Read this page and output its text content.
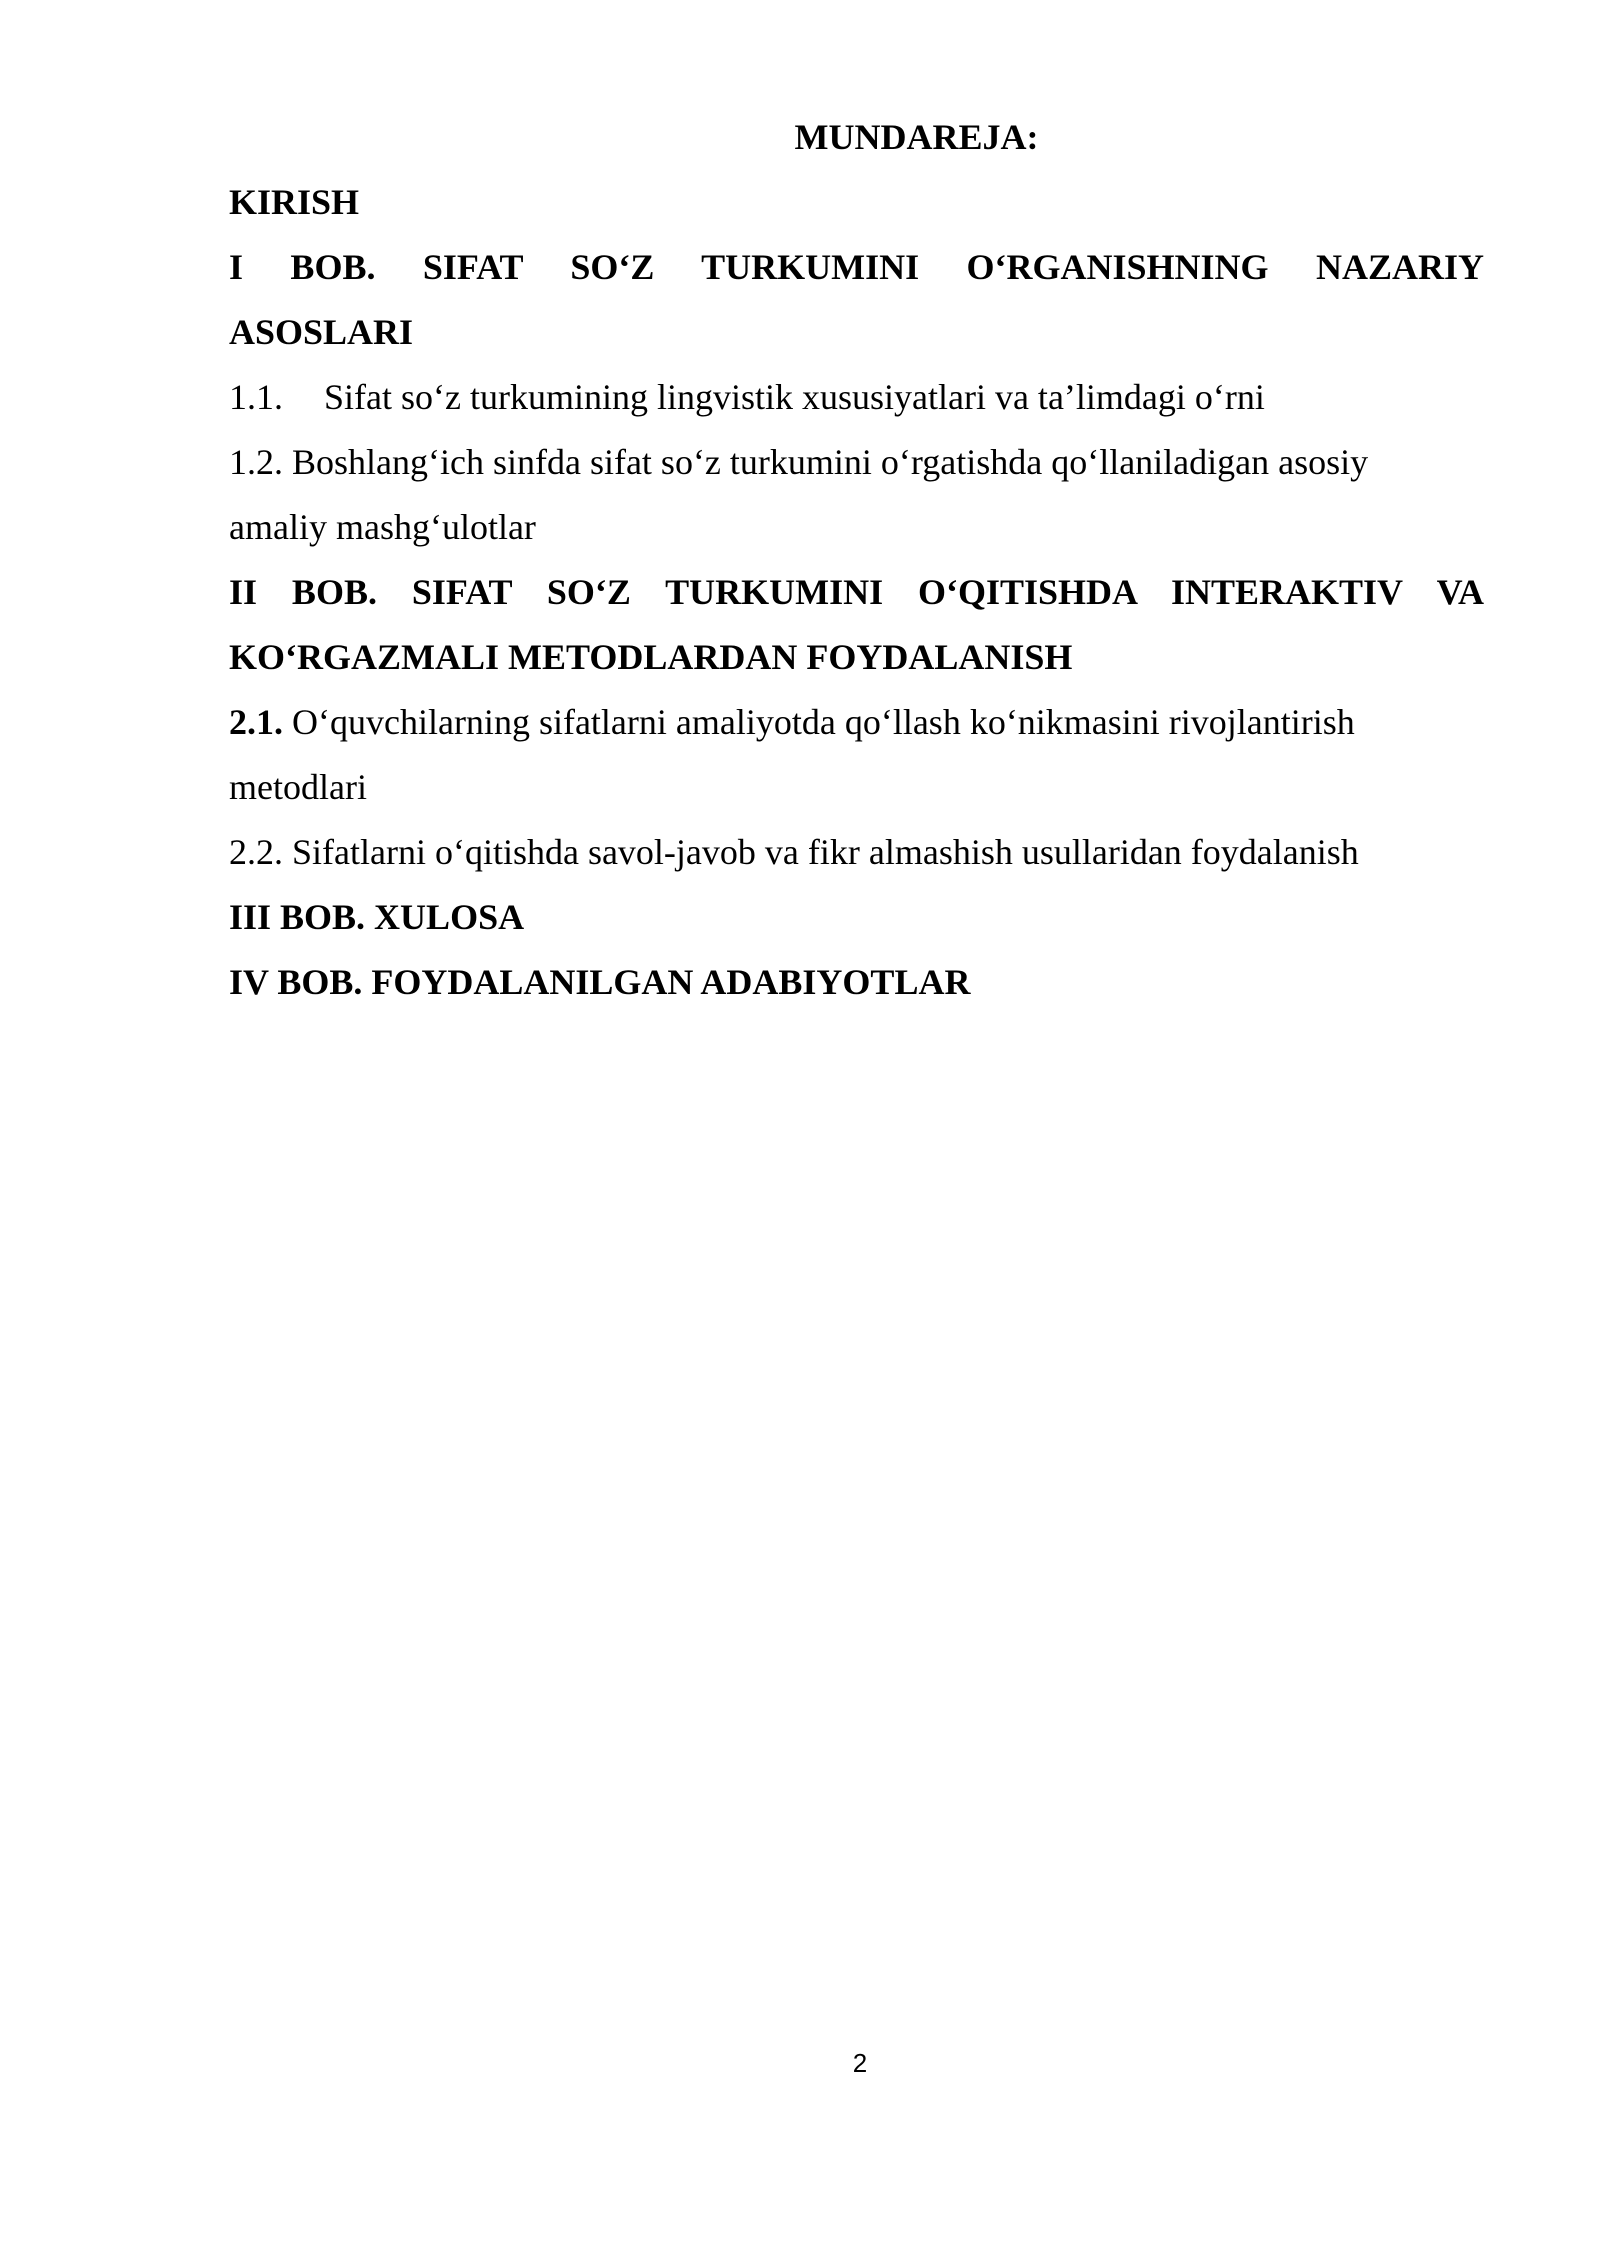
MUNDAREJA:

KIRISH

I BOB. SIFAT SO‘Z TURKUMINI O‘RGANISHNING NAZARIY

ASOSLARI

1.1. Sifat so‘z turkumining lingvistik xususiyatlari va ta’limdagi o‘rni

1.2. Boshlang‘ich sinfda sifat so‘z turkumini o‘rgatishda qo‘llaniladigan asosiy

amaliy mashg‘ulotlar

II BOB. SIFAT SO‘Z TURKUMINI O‘QITISHDA INTERAKTIV VA

KO‘RGAZMALI METODLARDAN FOYDALANISH

2.1. O‘quvchilarning sifatlarni amaliyotda qo‘llash ko‘nikmasini rivojlantirish

metodlari

2.2. Sifatlarni o‘qitishda savol-javob va fikr almashish usullaridan foydalanish

III BOB. XULOSA

IV BOB. FOYDALANILGAN ADABIYOTLAR

2
